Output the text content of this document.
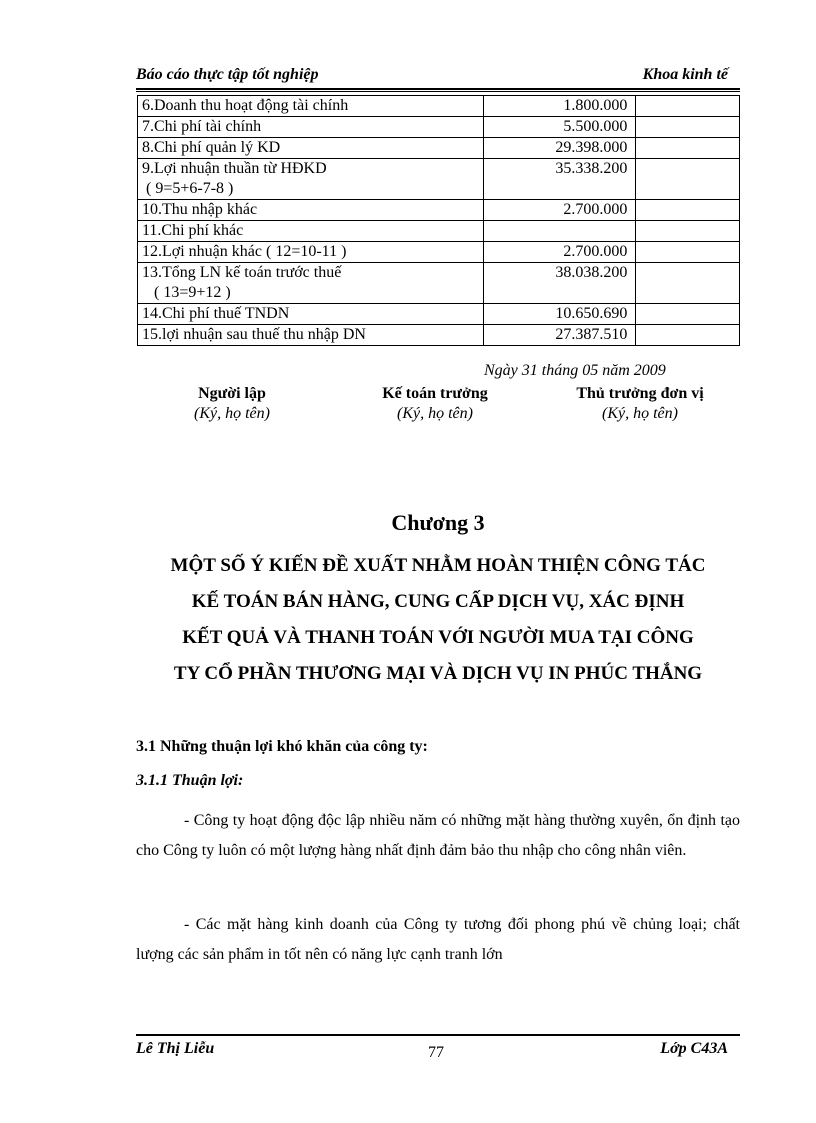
Báo cáo thực tập tốt nghiệp	Khoa kinh tế
6.Doanh thu hoạt động tài chính	1.800.000	

7.Chi phí tài chính	5.500.000	

8.Chi phí quản lý KD	29.398.000	

9.Lợi nhuận thuần từ HĐKD
( 9=5+6-7-8 )	35.338.200	

10.Thu nhập khác	2.700.000	

11.Chi phí khác		

12.Lợi nhuận khác ( 12=10-11 )	2.700.000	

13.Tổng LN kế toán trước thuế
( 13=9+12 )	38.038.200	

14.Chi phí thuế TNDN	10.650.690	

15.lợi nhuận sau thuế thu nhập DN	27.387.510	
Ngày 31 tháng 05 năm 2009
Người lập
(Ký, họ tên)
Kế toán trưởng
(Ký, họ tên)
Thủ trưởng đơn vị
(Ký, họ tên)
Chương 3
MỘT SỐ Ý KIẾN ĐỀ XUẤT NHẰM HOÀN THIỆN CÔNG TÁC
KẾ TOÁN BÁN HÀNG, CUNG CẤP DỊCH VỤ, XÁC ĐỊNH
KẾT QUẢ VÀ THANH TOÁN VỚI NGƯỜI MUA TẠI CÔNG
TY CỔ PHẦN THƯƠNG MẠI VÀ DỊCH VỤ IN PHÚC THẮNG
3.1 Những thuận lợi khó khăn của công ty:
3.1.1 Thuận lợi:
- Công ty hoạt động độc lập nhiều năm có những mặt hàng thường xuyên, ổn định tạo cho Công ty luôn có một lượng hàng nhất định đảm bảo thu nhập cho công nhân viên.
- Các mặt hàng kinh doanh của Công ty tương đối phong phú về chủng loại; chất lượng các sản phẩm in tốt nên có năng lực cạnh tranh lớn
Lê Thị Liễu	77	Lớp C43A
